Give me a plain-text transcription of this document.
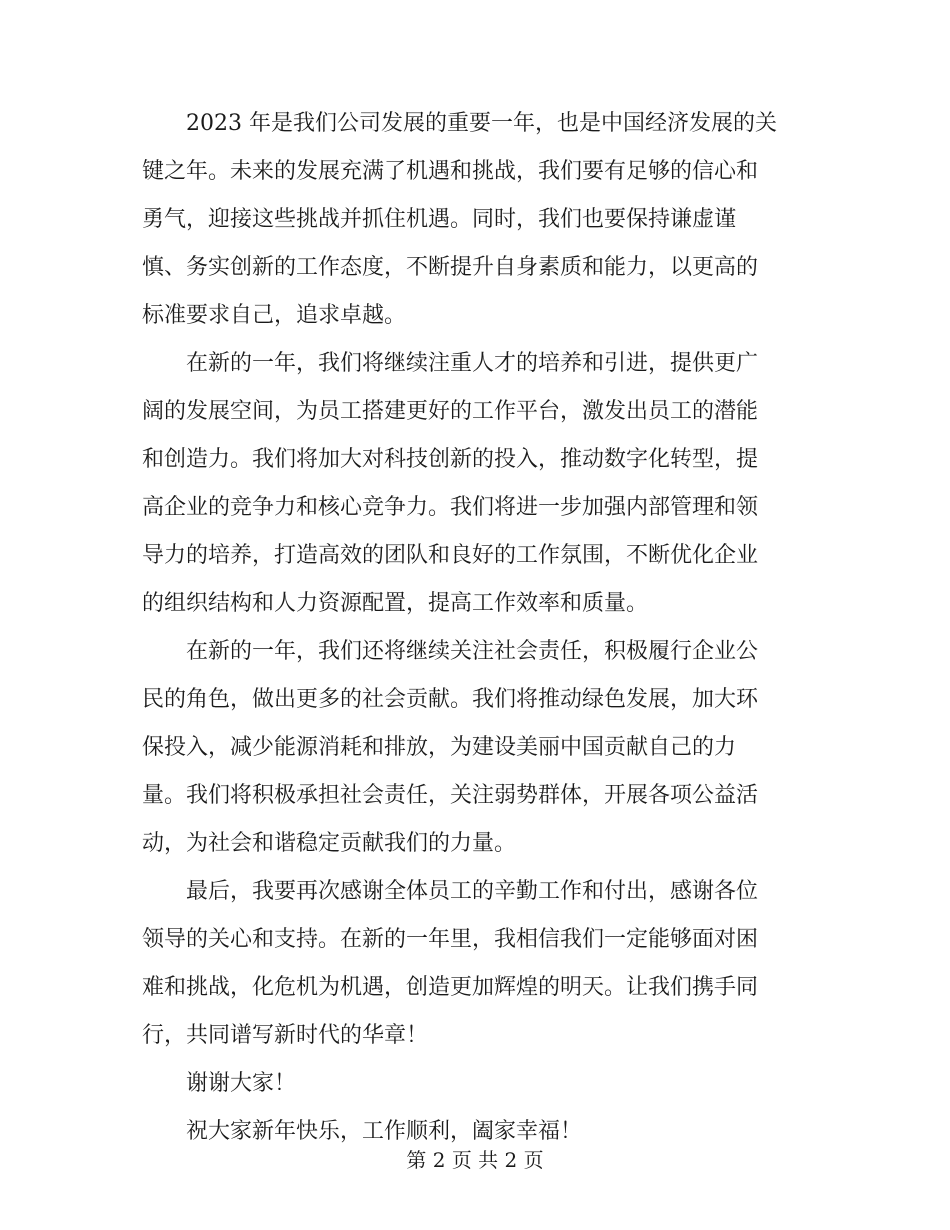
2023 年是我们公司发展的重要一年，也是中国经济发展的关
键之年。未来的发展充满了机遇和挑战，我们要有足够的信心和
勇气，迎接这些挑战并抓住机遇。同时，我们也要保持谦虚谨
慎、务实创新的工作态度，不断提升自身素质和能力，以更高的
标准要求自己，追求卓越。
在新的一年，我们将继续注重人才的培养和引进，提供更广
阔的发展空间，为员工搭建更好的工作平台，激发出员工的潜能
和创造力。我们将加大对科技创新的投入，推动数字化转型，提
高企业的竞争力和核心竞争力。我们将进一步加强内部管理和领
导力的培养，打造高效的团队和良好的工作氛围，不断优化企业
的组织结构和人力资源配置，提高工作效率和质量。
在新的一年，我们还将继续关注社会责任，积极履行企业公
民的角色，做出更多的社会贡献。我们将推动绿色发展，加大环
保投入，减少能源消耗和排放，为建设美丽中国贡献自己的力
量。我们将积极承担社会责任，关注弱势群体，开展各项公益活
动，为社会和谐稳定贡献我们的力量。
最后，我要再次感谢全体员工的辛勤工作和付出，感谢各位
领导的关心和支持。在新的一年里，我相信我们一定能够面对困
难和挑战，化危机为机遇，创造更加辉煌的明天。让我们携手同
行，共同谱写新时代的华章！
谢谢大家！
祝大家新年快乐，工作顺利，阖家幸福！
第 2 页 共 2 页
